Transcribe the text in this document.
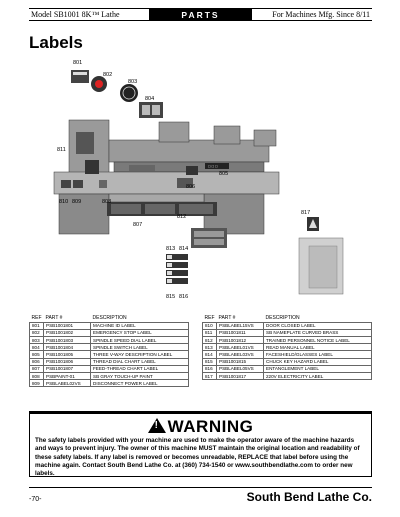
Model SB1001 8K™ Lathe	PARTS	For Machines Mfg. Since 8/11
Labels
☐ ☐ ☐
801
802
803
804
811
805
806
810 809	808
807
812
817
813 814
815 816
REF	PART #	DESCRIPTION
801	PSB1001801	MACHINE ID LABEL
802	PSB1001802	EMERGENCY STOP LABEL
803	PSB1001803	SPINDLE SPEED DIAL LABEL
804	PSB1001804	SPINDLE SWITCH LABEL
805	PSB1001805	THREE V-WAY DESCRIPTION LABEL
806	PSB1001806	THREAD DIAL CHART LABEL
807	PSB1001807	FEED-THREAD CHART LABEL
808	PSBPAINT-01	SB GRAY TOUCH-UP PAINT
809	PSBLABEL02VS	DISCONNECT POWER LABEL
REF	PART #	DESCRIPTION
810	PSBLABEL15VS	DOOR CLOSED LABEL
811	PSB1001811	SB NAMEPLATE CURVED BRASS
812	PSB1001812	TRAINED PERSONNEL NOTICE LABEL
813	PSBLABEL01VS	READ MANUAL LABEL
814	PSBLABEL03VS	FACESHIELD/GLASSES LABEL
815	PSB1001815	CHUCK KEY HAZARD LABEL
816	PSBLABEL05VS	ENTANGLEMENT LABEL
817	PSB1001817	220V ELECTRICITY LABEL
! WARNING
The safety labels provided with your machine are used to make the operator aware of the machine hazards and ways to prevent injury. The owner of this machine MUST maintain the original location and readability of these safety labels. If any label is removed or becomes unreadable, REPLACE that label before using the machine again. Contact South Bend Lathe Co. at (360) 734-1540 or www.southbendlathe.com to order new labels.
-70-	South Bend Lathe Co.
